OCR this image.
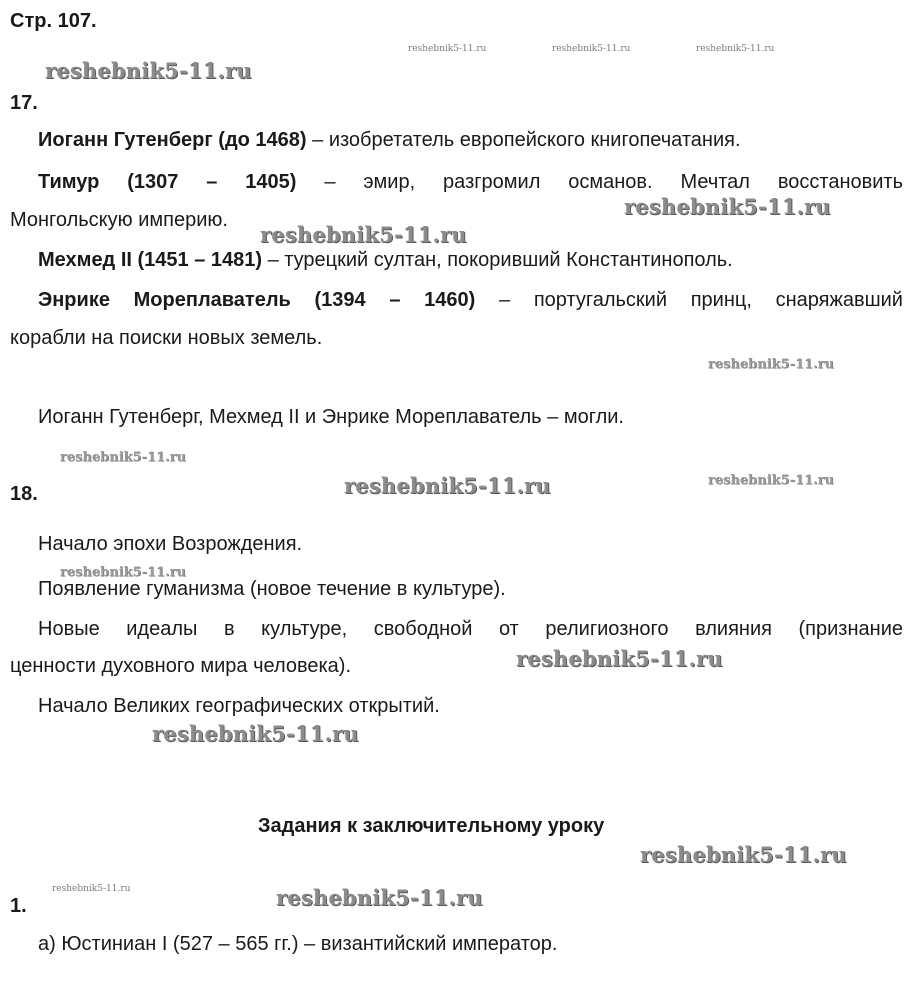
Стр. 107.
17.
Иоганн Гутенберг (до 1468) – изобретатель европейского книгопечатания.
Тимур (1307 – 1405) – эмир, разгромил османов. Мечтал восстановить
Монгольскую империю.
Мехмед II (1451 – 1481) – турецкий султан, покоривший Константинополь.
Энрике Мореплаватель (1394 – 1460) – португальский принц, снаряжавший
корабли на поиски новых земель.
Иоганн Гутенберг, Мехмед II и Энрике Мореплаватель – могли.
18.
Начало эпохи Возрождения.
Появление гуманизма (новое течение в культуре).
Новые идеалы в культуре, свободной от религиозного влияния (признание
ценности духовного мира человека).
Начало Великих географических открытий.
Задания к заключительному уроку
1.
а) Юстиниан I (527 – 565 гг.) – византийский император.
reshebnik5-11.ru	reshebnik5-11.ru	reshebnik5-11.ru
reshebnik5-11.ru
reshebnik5-11.ru
reshebnik5-11.ru
reshebnik5-11.ru
reshebnik5-11.ru
reshebnik5-11.ru	reshebnik5-11.ru
reshebnik5-11.ru
reshebnik5-11.ru
reshebnik5-11.ru
reshebnik5-11.ru
reshebnik5-11.ru	reshebnik5-11.ru
